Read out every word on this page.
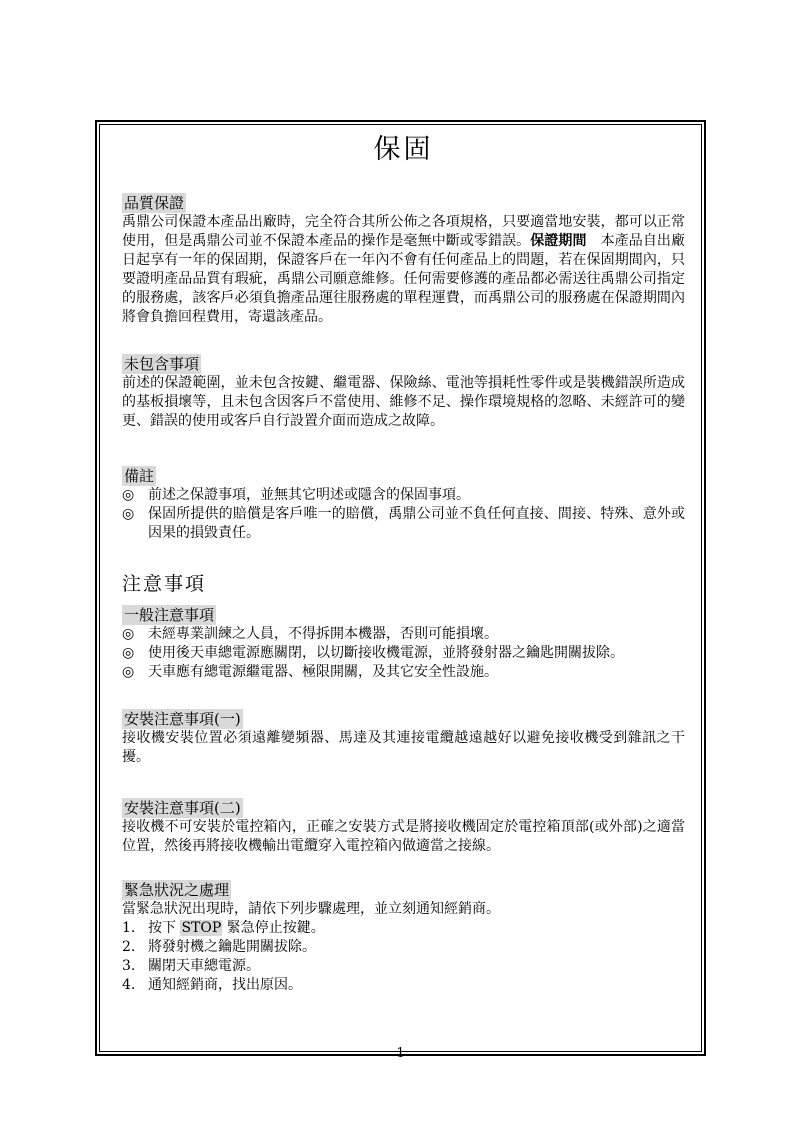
保固
品質保證

禹鼎公司保證本產品出廠時，完全符合其所公佈之各項規格，只要適當地安裝，都可以正常使用，但是禹鼎公司並不保證本產品的操作是毫無中斷或零錯誤。保證期間　本產品自出廠日起享有一年的保固期，保證客戶在一年內不會有任何產品上的問題，若在保固期間內，只要證明產品品質有瑕疵，禹鼎公司願意維修。任何需要修護的產品都必需送往禹鼎公司指定的服務處，該客戶必須負擔產品運往服務處的單程運費，而禹鼎公司的服務處在保證期間內將會負擔回程費用，寄還該產品。

未包含事項

前述的保證範圍，並未包含按鍵、繼電器、保險絲、電池等損耗性零件或是裝機錯誤所造成的基板損壞等，且未包含因客戶不當使用、維修不足、操作環境規格的忽略、未經許可的變更、錯誤的使用或客戶自行設置介面而造成之故障。

備註
◎ 前述之保證事項，並無其它明述或隱含的保固事項。
◎ 保固所提供的賠償是客戶唯一的賠償，禹鼎公司並不負任何直接、間接、特殊、意外或因果的損毀責任。
注意事項
一般注意事項
◎ 未經專業訓練之人員，不得拆開本機器，否則可能損壞。
◎ 使用後天車總電源應關閉，以切斷接收機電源，並將發射器之鑰匙開關拔除。
◎ 天車應有總電源繼電器、極限開關，及其它安全性設施。
安裝注意事項(一)

接收機安裝位置必須遠離變頻器、馬達及其連接電纜越遠越好以避免接收機受到雜訊之干擾。

安裝注意事項(二)

接收機不可安裝於電控箱內，正確之安裝方式是將接收機固定於電控箱頂部(或外部)之適當位置，然後再將接收機輸出電纜穿入電控箱內做適當之接線。

緊急狀況之處理

當緊急狀況出現時，請依下列步驟處理，並立刻通知經銷商。

1. 按下 STOP 緊急停止按鍵。
2. 將發射機之鑰匙開關拔除。
3. 關閉天車總電源。
4. 通知經銷商，找出原因。
1
